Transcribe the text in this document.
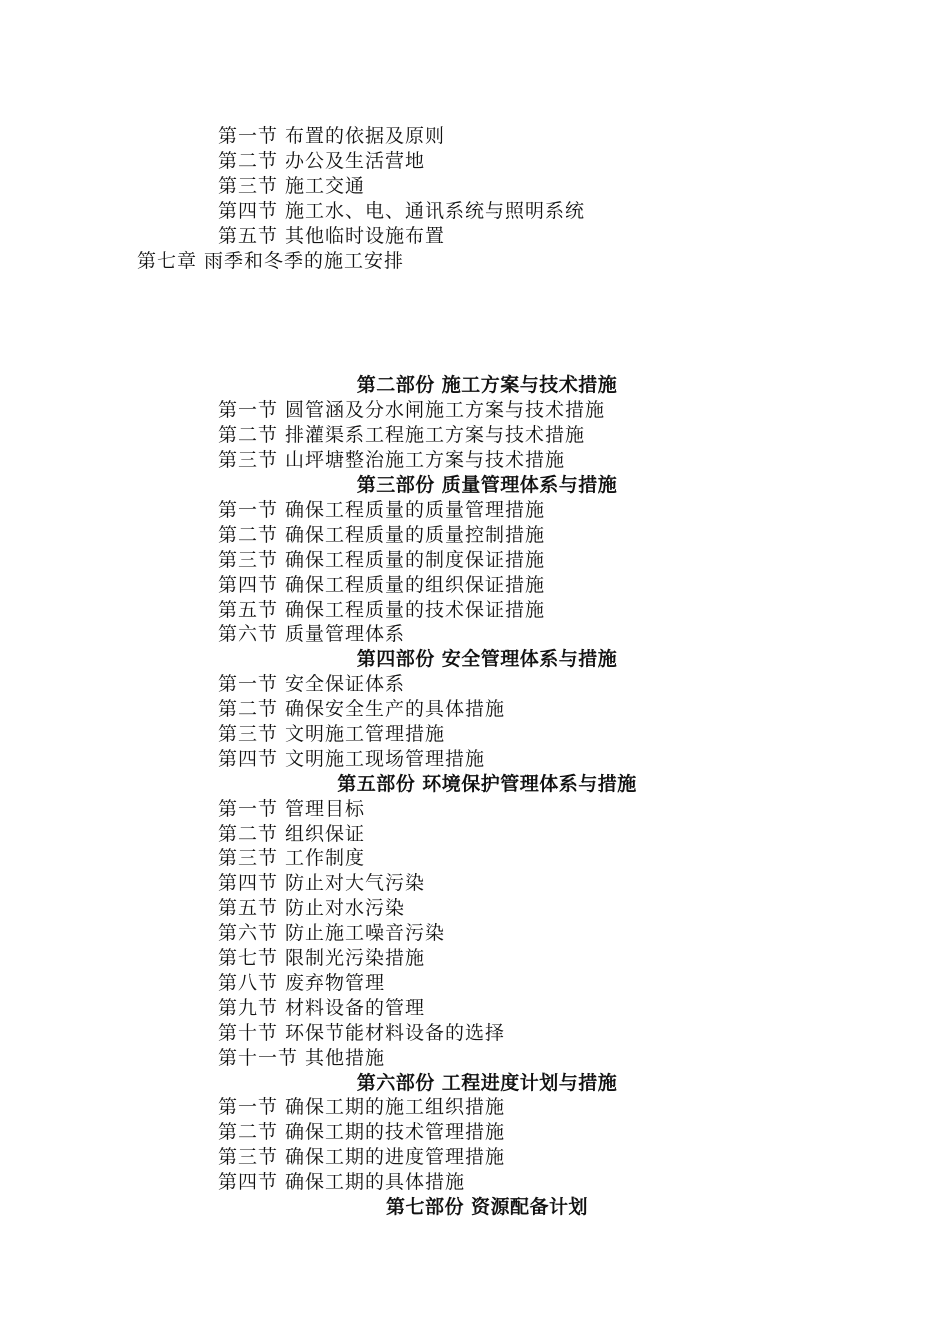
第一节 布置的依据及原则
第二节 办公及生活营地
第三节 施工交通
第四节 施工水、电、通讯系统与照明系统
第五节 其他临时设施布置
第七章 雨季和冬季的施工安排
第二部份 施工方案与技术措施
第一节 圆管涵及分水闸施工方案与技术措施
第二节 排灌渠系工程施工方案与技术措施
第三节 山坪塘整治施工方案与技术措施
第三部份 质量管理体系与措施
第一节 确保工程质量的质量管理措施
第二节 确保工程质量的质量控制措施
第三节 确保工程质量的制度保证措施
第四节 确保工程质量的组织保证措施
第五节 确保工程质量的技术保证措施
第六节 质量管理体系
第四部份 安全管理体系与措施
第一节 安全保证体系
第二节 确保安全生产的具体措施
第三节 文明施工管理措施
第四节 文明施工现场管理措施
第五部份 环境保护管理体系与措施
第一节 管理目标
第二节 组织保证
第三节 工作制度
第四节 防止对大气污染
第五节 防止对水污染
第六节 防止施工噪音污染
第七节 限制光污染措施
第八节 废弃物管理
第九节 材料设备的管理
第十节 环保节能材料设备的选择
第十一节 其他措施
第六部份 工程进度计划与措施
第一节 确保工期的施工组织措施
第二节 确保工期的技术管理措施
第三节 确保工期的进度管理措施
第四节 确保工期的具体措施
第七部份 资源配备计划
